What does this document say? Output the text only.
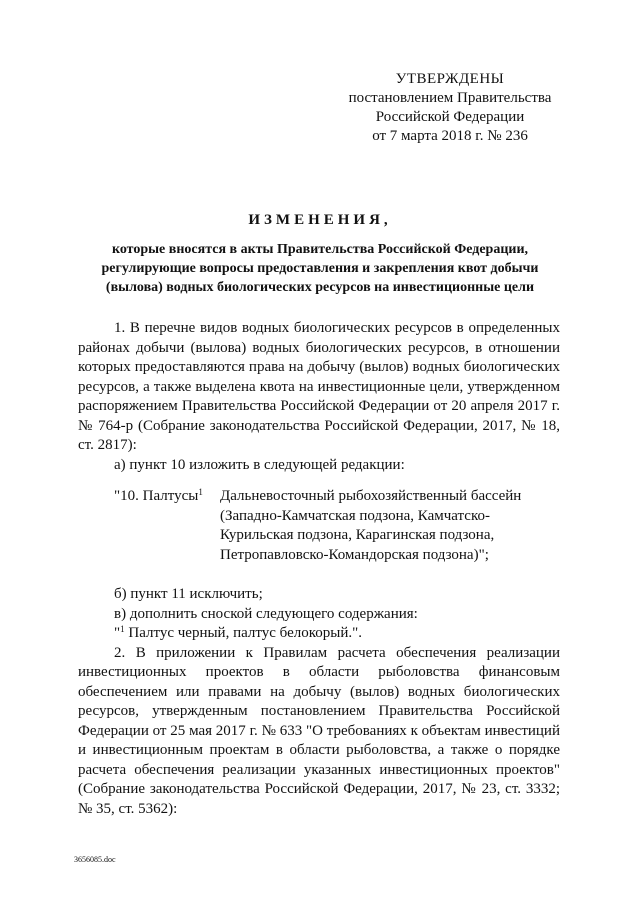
УТВЕРЖДЕНЫ
постановлением Правительства
Российской Федерации
от 7 марта 2018 г. № 236
ИЗМЕНЕНИЯ,
которые вносятся в акты Правительства Российской Федерации,
регулирующие вопросы предоставления и закрепления квот добычи
(вылова) водных биологических ресурсов на инвестиционные цели
1. В перечне видов водных биологических ресурсов в определенных
районах добычи (вылова) водных биологических ресурсов, в отношении
которых предоставляются права на добычу (вылов) водных биологических
ресурсов, а также выделена квота на инвестиционные цели, утвержденном
распоряжением Правительства Российской Федерации от 20 апреля 2017 г.
№ 764-р (Собрание законодательства Российской Федерации, 2017, № 18,
ст. 2817):
а) пункт 10 изложить в следующей редакции:
"10. Палтусы$^1$ Дальневосточный рыбохозяйственный бассейн
(Западно-Камчатская подзона, Камчатско-
Курильская подзона, Карагинская подзона,
Петропавловско-Командорская подзона)";
б) пункт 11 исключить;
в) дополнить сноской следующего содержания:
"$^1$ Палтус черный, палтус белокорый.".
2. В приложении к Правилам расчета обеспечения реализации
инвестиционных проектов в области рыболовства финансовым
обеспечением или правами на добычу (вылов) водных биологических
ресурсов, утвержденным постановлением Правительства Российской
Федерации от 25 мая 2017 г. № 633 "О требованиях к объектам инвестиций
и инвестиционным проектам в области рыболовства, а также о порядке
расчета обеспечения реализации указанных инвестиционных проектов"
(Собрание законодательства Российской Федерации, 2017, № 23, ст. 3332;
№ 35, ст. 5362):
3656085.doc
